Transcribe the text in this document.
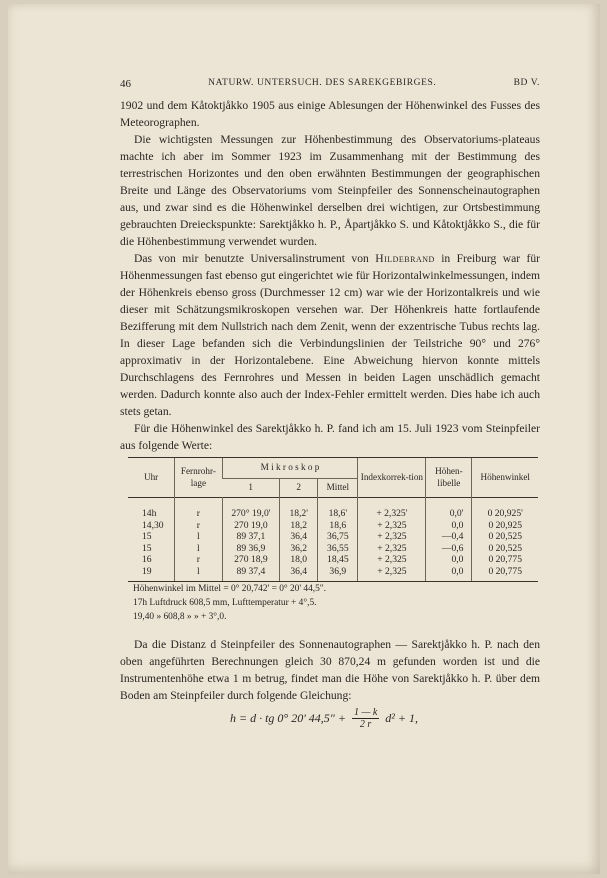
46	NATURW. UNTERSUCH. DES SAREKGEBIRGES.	BD V.

1902 und dem Kåtoktjåkko 1905 aus einige Ablesungen der Höhenwinkel des Fusses des Meteorographen.

Die wichtigsten Messungen zur Höhenbestimmung des Observatoriums-plateaus machte ich aber im Sommer 1923 im Zusammenhang mit der Bestimmung des terrestrischen Horizontes und den oben erwähnten Bestimmungen der geographischen Breite und Länge des Observatoriums vom Steinpfeiler des Sonnenscheinautographen aus, und zwar sind es die Höhenwinkel derselben drei wichtigen, zur Ortsbestimmung gebrauchten Dreieckspunkte: Sarektjåkko h. P., Åpartjåkko S. und Kåtoktjåkko S., die für die Höhenbestimmung verwendet wurden.

Das von mir benutzte Universalinstrument von Hildebrand in Freiburg war für Höhenmessungen fast ebenso gut eingerichtet wie für Horizontalwinkelmessungen, indem der Höhenkreis ebenso gross (Durchmesser 12 cm) war wie der Horizontalkreis und wie dieser mit Schätzungsmikroskopen versehen war. Der Höhenkreis hatte fortlaufende Bezifferung mit dem Nullstrich nach dem Zenit, wenn der exzentrische Tubus rechts lag. In dieser Lage befanden sich die Verbindungslinien der Teilstriche 90° und 276° approximativ in der Horizontalebene. Eine Abweichung hiervon konnte mittels Durchschlagens des Fernrohres und Messen in beiden Lagen unschädlich gemacht werden. Dadurch konnte also auch der Index-Fehler ermittelt werden. Dies habe ich auch stets getan.

Für die Höhenwinkel des Sarektjåkko h. P. fand ich am 15. Juli 1923 vom Steinpfeiler aus folgende Werte:

Uhr	Fernrohr-lage	M i k r o s k o p			Indexkorrek-tion	Höhen-libelle	Höhenwinkel
		1	2	Mittel			
14h	r	270° 19,0'	18,2'	18,6'	+ 2,325'	0,0'	0 20,925'
14,30	r	270 19,0	18,2	18,6	+ 2,325	0,0	0 20,925
15	l	89 37,1	36,4	36,75	+ 2,325	—0,4	0 20,525
15	l	89 36,9	36,2	36,55	+ 2,325	—0,6	0 20,525
16	r	270 18,9	18,0	18,45	+ 2,325	0,0	0 20,775
19	l	89 37,4	36,4	36,9	+ 2,325	0,0	0 20,775
Höhenwinkel im Mittel = 0° 20,742' = 0° 20' 44,5".
17h Luftdruck 608,5 mm, Lufttemperatur + 4°,5.
19,40 » 608,8 » » + 3°,0.

Da die Distanz d Steinpfeiler des Sonnenautographen — Sarektjåkko h. P. nach den oben angeführten Berechnungen gleich 30 870,24 m gefunden worden ist und die Instrumentenhöhe etwa 1 m betrug, findet man die Höhe von Sarektjåkko h. P. über dem Boden am Steinpfeiler durch folgende Gleichung:

h = d · tg 0° 20' 44,5" + $\frac{1 — k}{2 r} d^2 + 1$,
